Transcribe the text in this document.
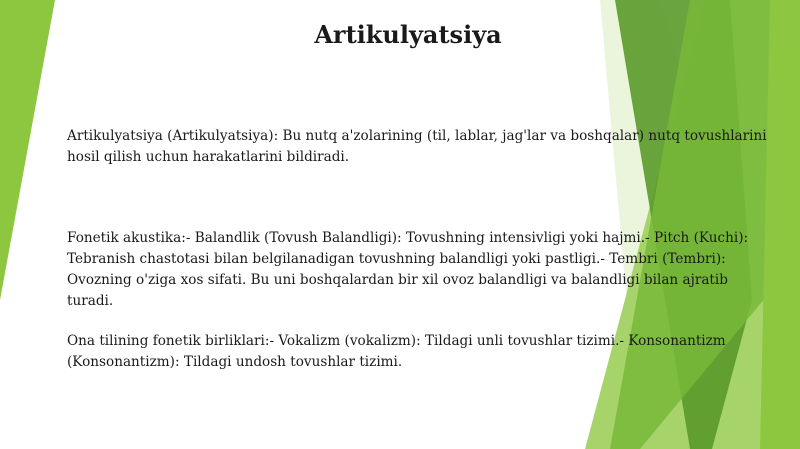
Artikulyatsiya

Artikulyatsiya (Artikulyatsiya): Bu nutq a'zolarining (til, lablar, jag'lar va boshqalar) nutq tovushlarini hosil qilish uchun harakatlarini bildiradi.

Fonetik akustika:- Balandlik (Tovush Balandligi): Tovushning intensivligi yoki hajmi.- Pitch (Kuchi): Tebranish chastotasi bilan belgilanadigan tovushning balandligi yoki pastligi.- Tembri (Tembri): Ovozning o'ziga xos sifati. Bu uni boshqalardan bir xil ovoz balandligi va balandligi bilan ajratib turadi.

Ona tilining fonetik birliklari:- Vokalizm (vokalizm): Tildagi unli tovushlar tizimi.- Konsonantizm (Konsonantizm): Tildagi undosh tovushlar tizimi.
